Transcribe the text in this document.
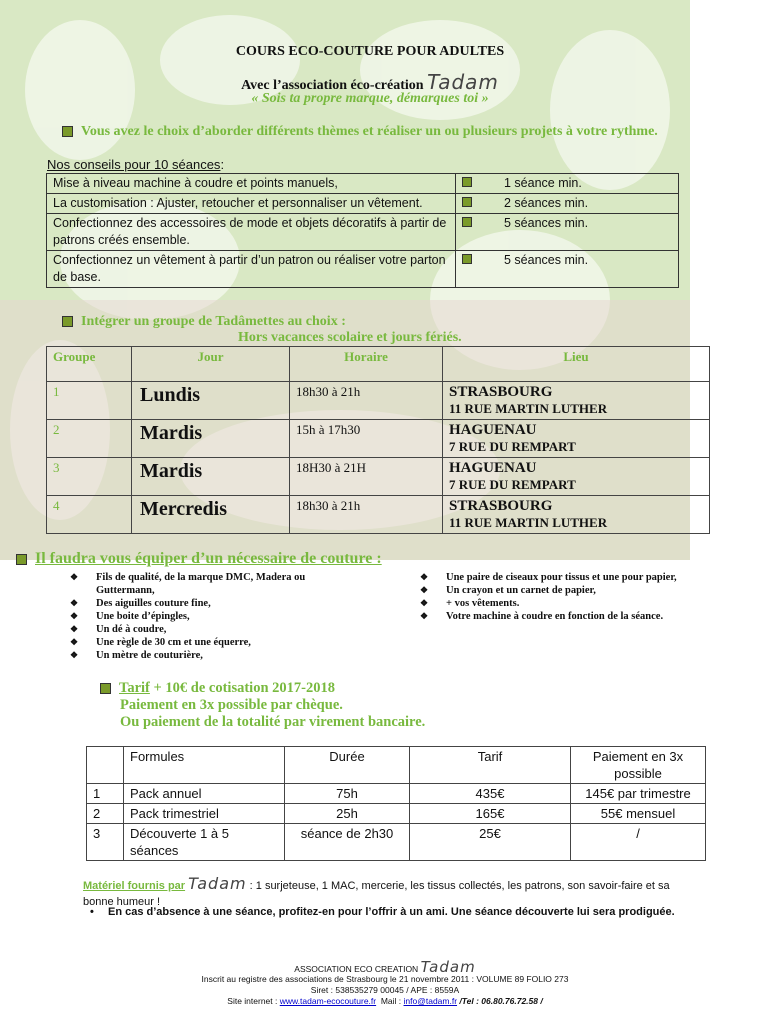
COURS ECO-COUTURE POUR ADULTES
Avec l’association éco-création Tadam
« Sois ta propre marque, démarques toi »
Vous avez le choix d’aborder différents thèmes et réaliser un ou plusieurs projets à votre rythme.
Nos conseils pour 10 séances:
Mise à niveau machine à coudre et points manuels,	1 séance min.
La customisation : Ajuster, retoucher et personnaliser un vêtement.	2 séances min.
Confectionnez des accessoires de mode et objets décoratifs à partir de patrons créés ensemble.	5 séances min.
Confectionnez un vêtement à partir d’un patron ou réaliser votre parton de base.	5 séances min.
Intégrer un groupe de Tadâmettes au choix :
Hors vacances scolaire et jours fériés.
Groupe	Jour	Horaire	Lieu
1	Lundis	18h30 à 21h	STRASBOURG
11 RUE MARTIN LUTHER

2	Mardis	15h à 17h30	HAGUENAU
7 RUE DU REMPART

3	Mardis	18H30 à 21H	HAGUENAU
7 RUE DU REMPART

4	Mercredis	18h30 à 21h	STRASBOURG
11 RUE MARTIN LUTHER
Il faudra vous équiper d’un nécessaire de couture :
❖ Fils de qualité, de la marque DMC, Madera ou Guttermann,
❖ Des aiguilles couture fine,
❖ Une boite d’épingles,
❖ Un dé à coudre,
❖ Une règle de 30 cm et une équerre,
❖ Un mètre de couturière,
❖ Une paire de ciseaux pour tissus et une pour papier,
❖ Un crayon et un carnet de papier,
❖ + vos vêtements.
❖ Votre machine à coudre en fonction de la séance.
Tarif + 10€ de cotisation 2017-2018
Paiement en 3x possible par chèque.
Ou paiement de la totalité par virement bancaire.
	Formules	Durée	Tarif	Paiement en 3x possible
1	Pack annuel	75h	435€	145€ par trimestre
2	Pack trimestriel	25h	165€	55€ mensuel
3	Découverte 1 à 5 séances	séance de 2h30	25€	/
Matériel fournis par Tadam : 1 surjeteuse, 1 MAC, mercerie, les tissus collectés, les patrons, son savoir-faire et sa bonne humeur !
• En cas d’absence à une séance, profitez-en pour l’offrir à un ami. Une séance découverte lui sera prodiguée.
ASSOCIATION ECO CREATION Tadam
Inscrit au registre des associations de Strasbourg le 21 novembre 2011 : VOLUME 89 FOLIO 273
Siret : 538535279 00045 / APE : 8559A
Site internet : www.tadam-ecocouture.fr  Mail : info@tadam.fr /Tel : 06.80.76.72.58 /
